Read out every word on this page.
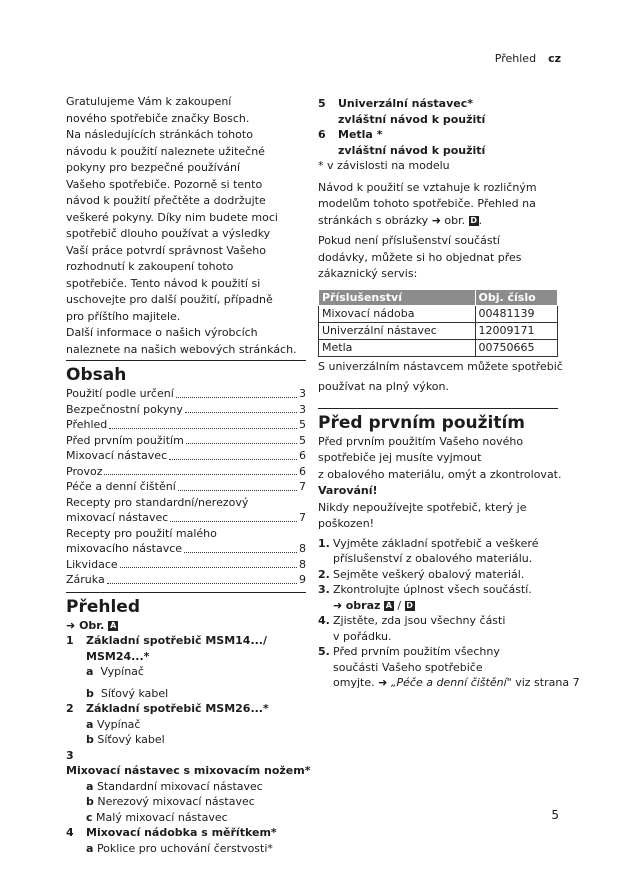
Přehled cz

Gratulujeme Vám k zakoupení

nového spotřebiče značky Bosch.

Na následujících stránkách tohoto

návodu k použití naleznete užitečné

pokyny pro bezpečné používání

Vašeho spotřebiče. Pozorně si tento

návod k použití přečtěte a dodržujte

veškeré pokyny. Díky nim budete moci

spotřebič dlouho používat a výsledky

Vaší práce potvrdí správnost Vašeho

rozhodnutí k zakoupení tohoto

spotřebiče. Tento návod k použití si

uschovejte pro další použití, případně

pro příštího majitele.

Další informace o našich výrobcích

naleznete na našich webových stránkách.

Obsah
Použití podle určení	3
Bezpečnostní pokyny	3
Přehled	5
Před prvním použitím	5
Mixovací nástavec	6
Provoz	6
Péče a denní čištění	7
Recepty pro standardní/nerezový
mixovací nástavec	7
Recepty pro použití malého
mixovacího nástavce	8
Likvidace	8
Záruka	9
Přehled
➜ Obr. A
1 Základní spotřebič MSM14.../
MSM24...*
a Vypínač
b Síťový kabel
2 Základní spotřebič MSM26...*
a Vypínač
b Síťový kabel
3Mixovací nástavec s mixovacím nožem*
a Standardní mixovací nástavec
b Nerezový mixovací nástavec
c Malý mixovací nástavec
4 Mixovací nádobka s měřítkem*
a Poklice pro uchování čerstvosti*
5 Univerzální nástavec*
zvláštní návod k použití
6 Metla *
zvláštní návod k použití
* v závislosti na modelu

Návod k použití se vztahuje k rozličným

modelům tohoto spotřebiče. Přehled na

stránkách s obrázky ➜ obr. D .

Pokud není příslušenství součástí

dodávky, můžete si ho objednat přes

zákaznický servis:

Příslušenství	Obj. číslo
Mixovací nádoba	00481139
Univerzální nástavec	12009171
Metla	00750665

S univerzálním nástavcem můžete spotřebič

používat na plný výkon.

Před prvním použitím

Před prvním použitím Vašeho nového

spotřebiče jej musíte vyjmout

z obalového materiálu, omýt a zkontrolovat.

Varování!

Nikdy nepoužívejte spotřebič, který je

poškozen!

1. Vyjměte základní spotřebič a veškeré
příslušenství z obalového materiálu.
2. Sejměte veškerý obalový materiál.
3. Zkontrolujte úplnost všech součástí.
➜ obraz A / D
4. Zjistěte, zda jsou všechny části
v pořádku.
5. Před prvním použitím všechny
součásti Vašeho spotřebiče
omyjte. ➜ „Péče a denní čištění" viz strana 7
5
